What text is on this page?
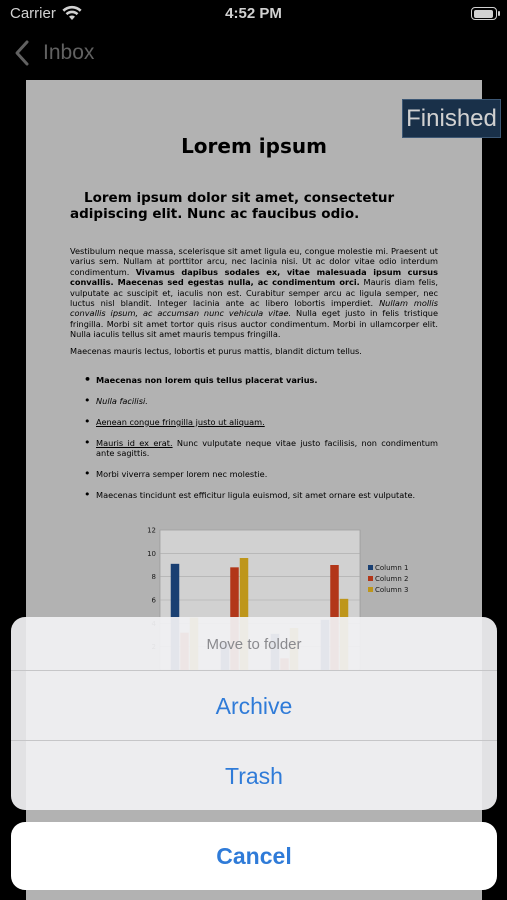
Carrier	4:52 PM
Inbox
Lorem ipsum
Lorem ipsum dolor sit amet, consectetur adipiscing elit. Nunc ac faucibus odio.

Vestibulum neque massa, scelerisque sit amet ligula eu, congue molestie mi. Praesent ut varius sem. Nullam at porttitor arcu, nec lacinia nisi. Ut ac dolor vitae odio interdum condimentum. Vivamus dapibus sodales ex, vitae malesuada ipsum cursus convallis. Maecenas sed egestas nulla, ac condimentum orci. Mauris diam felis, vulputate ac suscipit et, iaculis non est. Curabitur semper arcu ac ligula semper, nec luctus nisl blandit. Integer lacinia ante ac libero lobortis imperdiet. Nullam mollis convallis ipsum, ac accumsan nunc vehicula vitae. Nulla eget justo in felis tristique fringilla. Morbi sit amet tortor quis risus auctor condimentum. Morbi in ullamcorper elit. Nulla iaculis tellus sit amet mauris tempus fringilla.

Maecenas mauris lectus, lobortis et purus mattis, blandit dictum tellus.

• Maecenas non lorem quis tellus placerat varius.
• Nulla facilisi.
• Aenean congue fringilla justo ut aliquam.
• Mauris id ex erat. Nunc vulputate neque vitae justo facilisis, non condimentum ante sagittis.
• Morbi viverra semper lorem nec molestie.
• Maecenas tincidunt est efficitur ligula euismod, sit amet ornare est vulputate.
12
10
8
6
Column 1
Column 2
Column 3
Finished
Move to folder
Archive
Trash
Cancel
